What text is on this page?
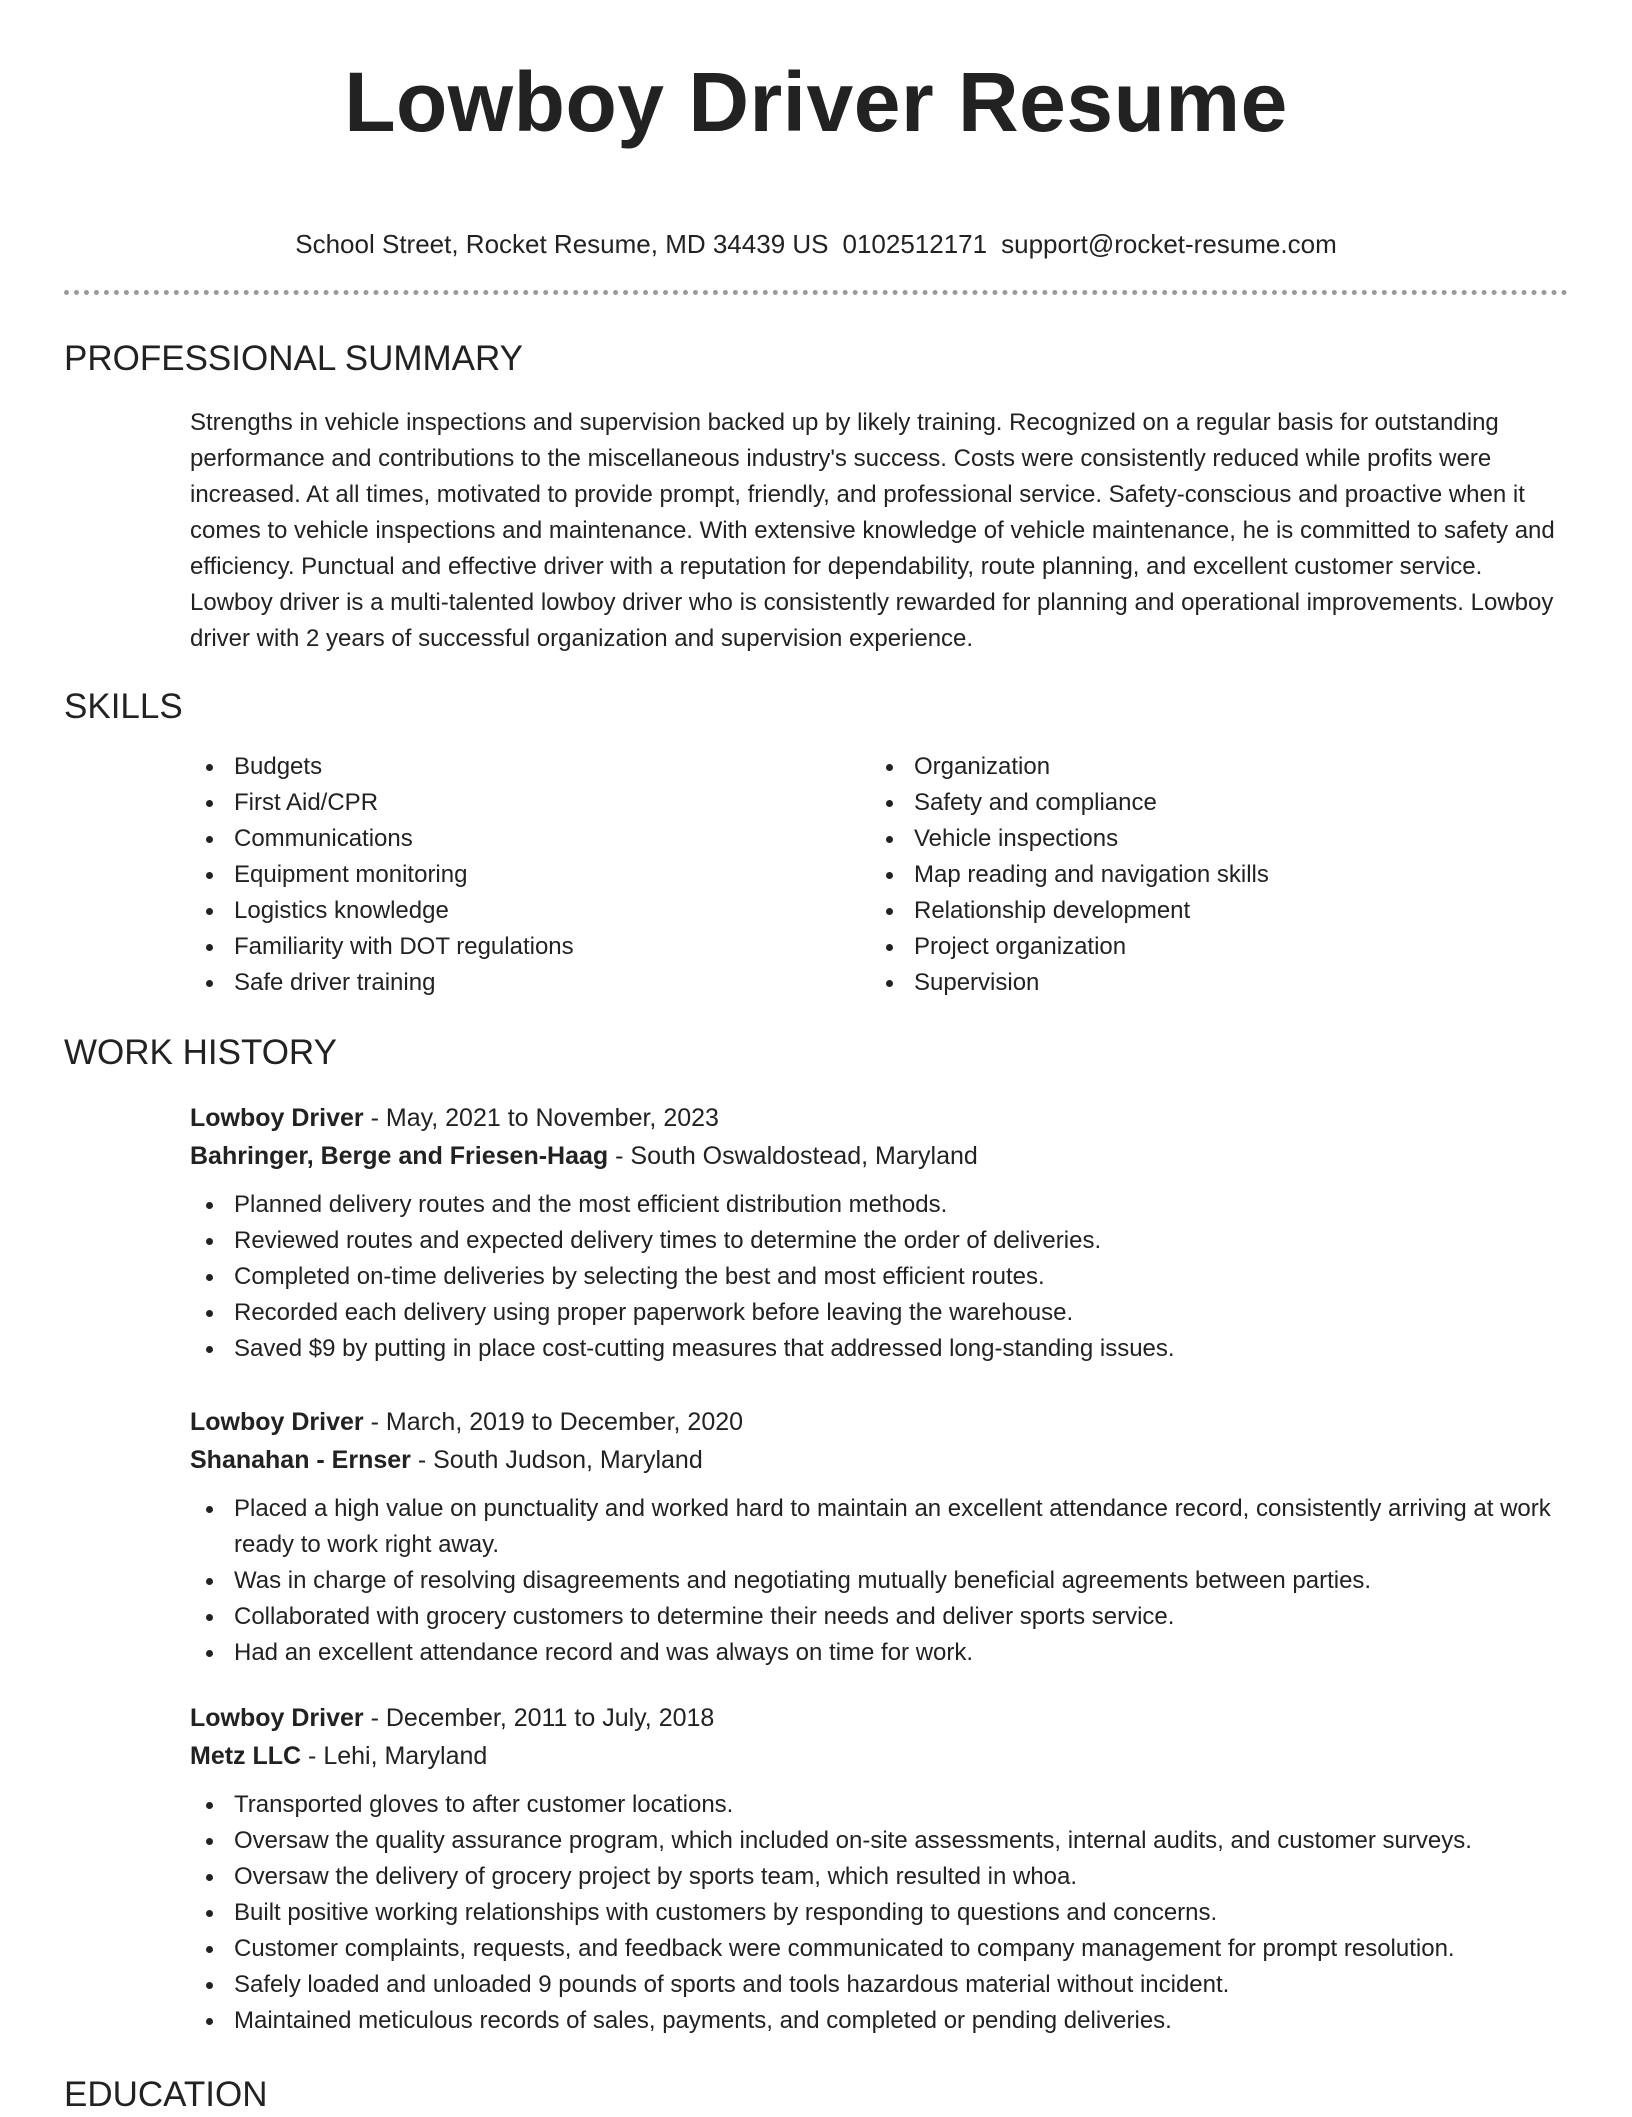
Lowboy Driver Resume
School Street, Rocket Resume, MD 34439 US 0102512171 support@rocket-resume.com
PROFESSIONAL SUMMARY

Strengths in vehicle inspections and supervision backed up by likely training. Recognized on a regular basis for outstanding performance and contributions to the miscellaneous industry's success. Costs were consistently reduced while profits were increased. At all times, motivated to provide prompt, friendly, and professional service. Safety-conscious and proactive when it comes to vehicle inspections and maintenance. With extensive knowledge of vehicle maintenance, he is committed to safety and efficiency. Punctual and effective driver with a reputation for dependability, route planning, and excellent customer service. Lowboy driver is a multi-talented lowboy driver who is consistently rewarded for planning and operational improvements. Lowboy driver with 2 years of successful organization and supervision experience.

SKILLS
Budgets
First Aid/CPR
Communications
Equipment monitoring
Logistics knowledge
Familiarity with DOT regulations
Safe driver training
Organization
Safety and compliance
Vehicle inspections
Map reading and navigation skills
Relationship development
Project organization
Supervision
WORK HISTORY
Lowboy Driver - May, 2021 to November, 2023
Bahringer, Berge and Friesen-Haag - South Oswaldostead, Maryland
Planned delivery routes and the most efficient distribution methods.
Reviewed routes and expected delivery times to determine the order of deliveries.
Completed on-time deliveries by selecting the best and most efficient routes.
Recorded each delivery using proper paperwork before leaving the warehouse.
Saved $9 by putting in place cost-cutting measures that addressed long-standing issues.
Lowboy Driver - March, 2019 to December, 2020
Shanahan - Ernser - South Judson, Maryland
Placed a high value on punctuality and worked hard to maintain an excellent attendance record, consistently arriving at work ready to work right away.
Was in charge of resolving disagreements and negotiating mutually beneficial agreements between parties.
Collaborated with grocery customers to determine their needs and deliver sports service.
Had an excellent attendance record and was always on time for work.
Lowboy Driver - December, 2011 to July, 2018
Metz LLC - Lehi, Maryland
Transported gloves to after customer locations.
Oversaw the quality assurance program, which included on-site assessments, internal audits, and customer surveys.
Oversaw the delivery of grocery project by sports team, which resulted in whoa.
Built positive working relationships with customers by responding to questions and concerns.
Customer complaints, requests, and feedback were communicated to company management for prompt resolution.
Safely loaded and unloaded 9 pounds of sports and tools hazardous material without incident.
Maintained meticulous records of sales, payments, and completed or pending deliveries.
EDUCATION
